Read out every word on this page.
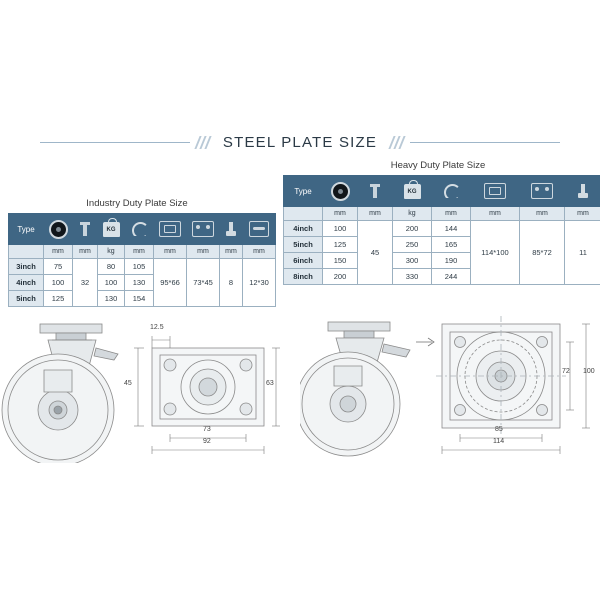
STEEL PLATE SIZE
Industry Duty Plate Size
Type			KG					
	mm	mm	kg	mm	mm	mm	mm	mm
3inch	75	32	80	105	95*66	73*45	8	12*30
4inch	100		100	130				
5inch	125		130	154				
Heavy Duty Plate Size
Type			KG				
	mm	mm	kg	mm	mm	mm	mm
4inch	100	45	200	144	114*100	85*72	11
5inch	125		250	165			
6inch	150		300	190			
8inch	200		330	244			
12.5
45	63
73
92
72 100
85
114
